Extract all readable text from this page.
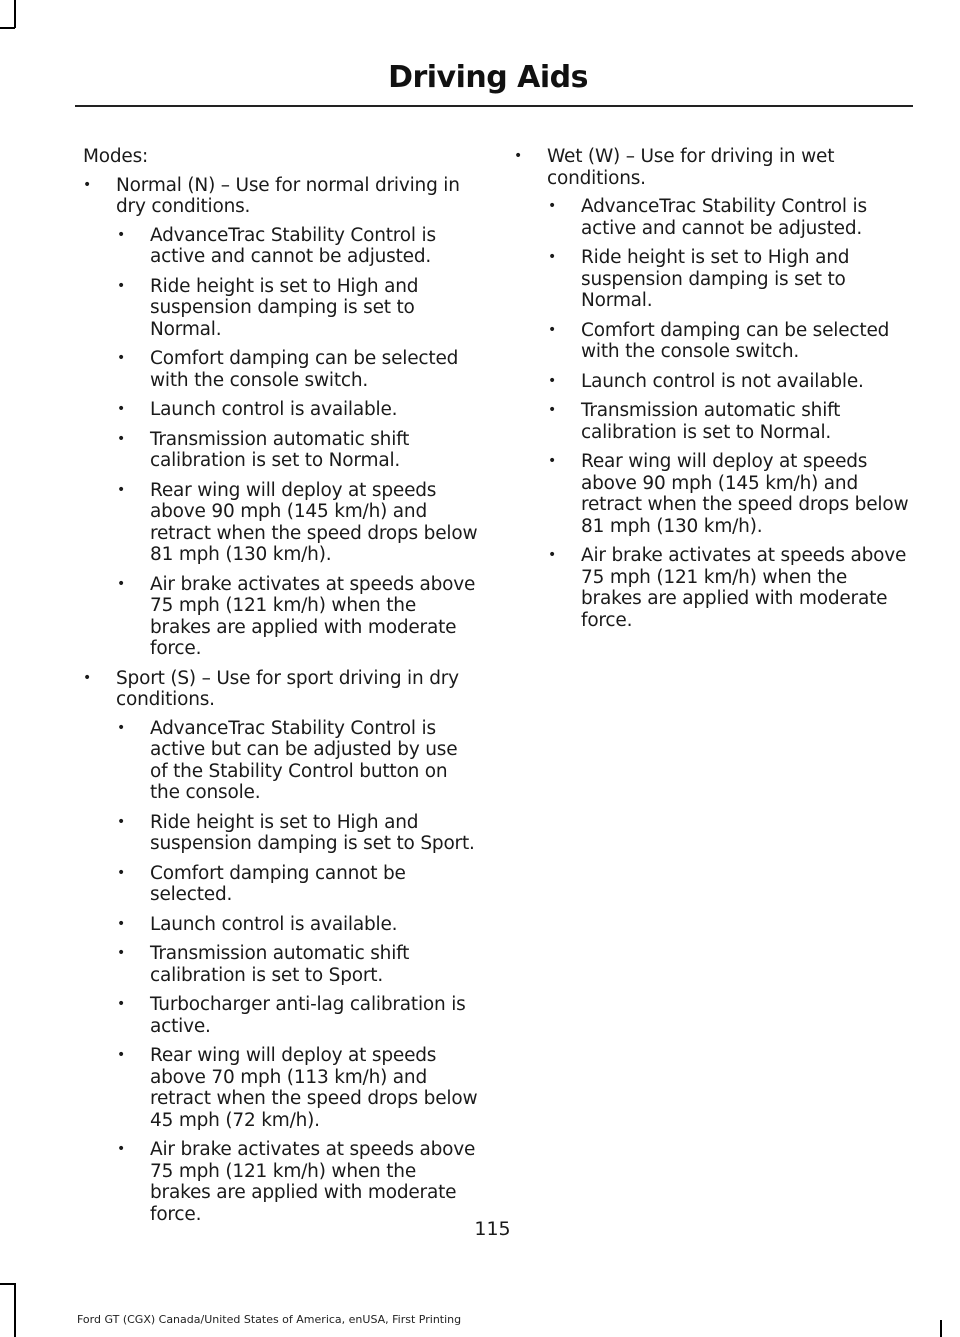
Driving Aids

Modes:

• Normal (N) – Use for normal driving in dry conditions.
• AdvanceTrac Stability Control is active and cannot be adjusted.
• Ride height is set to High and suspension damping is set to Normal.
• Comfort damping can be selected with the console switch.
• Launch control is available.
• Transmission automatic shift calibration is set to Normal.
• Rear wing will deploy at speeds above 90 mph (145 km/h) and retract when the speed drops below 81 mph (130 km/h).
• Air brake activates at speeds above 75 mph (121 km/h) when the brakes are applied with moderate force.
• Sport (S) – Use for sport driving in dry conditions.
• AdvanceTrac Stability Control is active but can be adjusted by use of the Stability Control button on the console.
• Ride height is set to High and suspension damping is set to Sport.
• Comfort damping cannot be selected.
• Launch control is available.
• Transmission automatic shift calibration is set to Sport.
• Turbocharger anti-lag calibration is active.
• Rear wing will deploy at speeds above 70 mph (113 km/h) and retract when the speed drops below 45 mph (72 km/h).
• Air brake activates at speeds above 75 mph (121 km/h) when the brakes are applied with moderate force.
• Wet (W) – Use for driving in wet conditions.
• AdvanceTrac Stability Control is active and cannot be adjusted.
• Ride height is set to High and suspension damping is set to Normal.
• Comfort damping can be selected with the console switch.
• Launch control is not available.
• Transmission automatic shift calibration is set to Normal.
• Rear wing will deploy at speeds above 90 mph (145 km/h) and retract when the speed drops below 81 mph (130 km/h).
• Air brake activates at speeds above 75 mph (121 km/h) when the brakes are applied with moderate force.
115
Ford GT (CGX) Canada/United States of America, enUSA, First Printing
